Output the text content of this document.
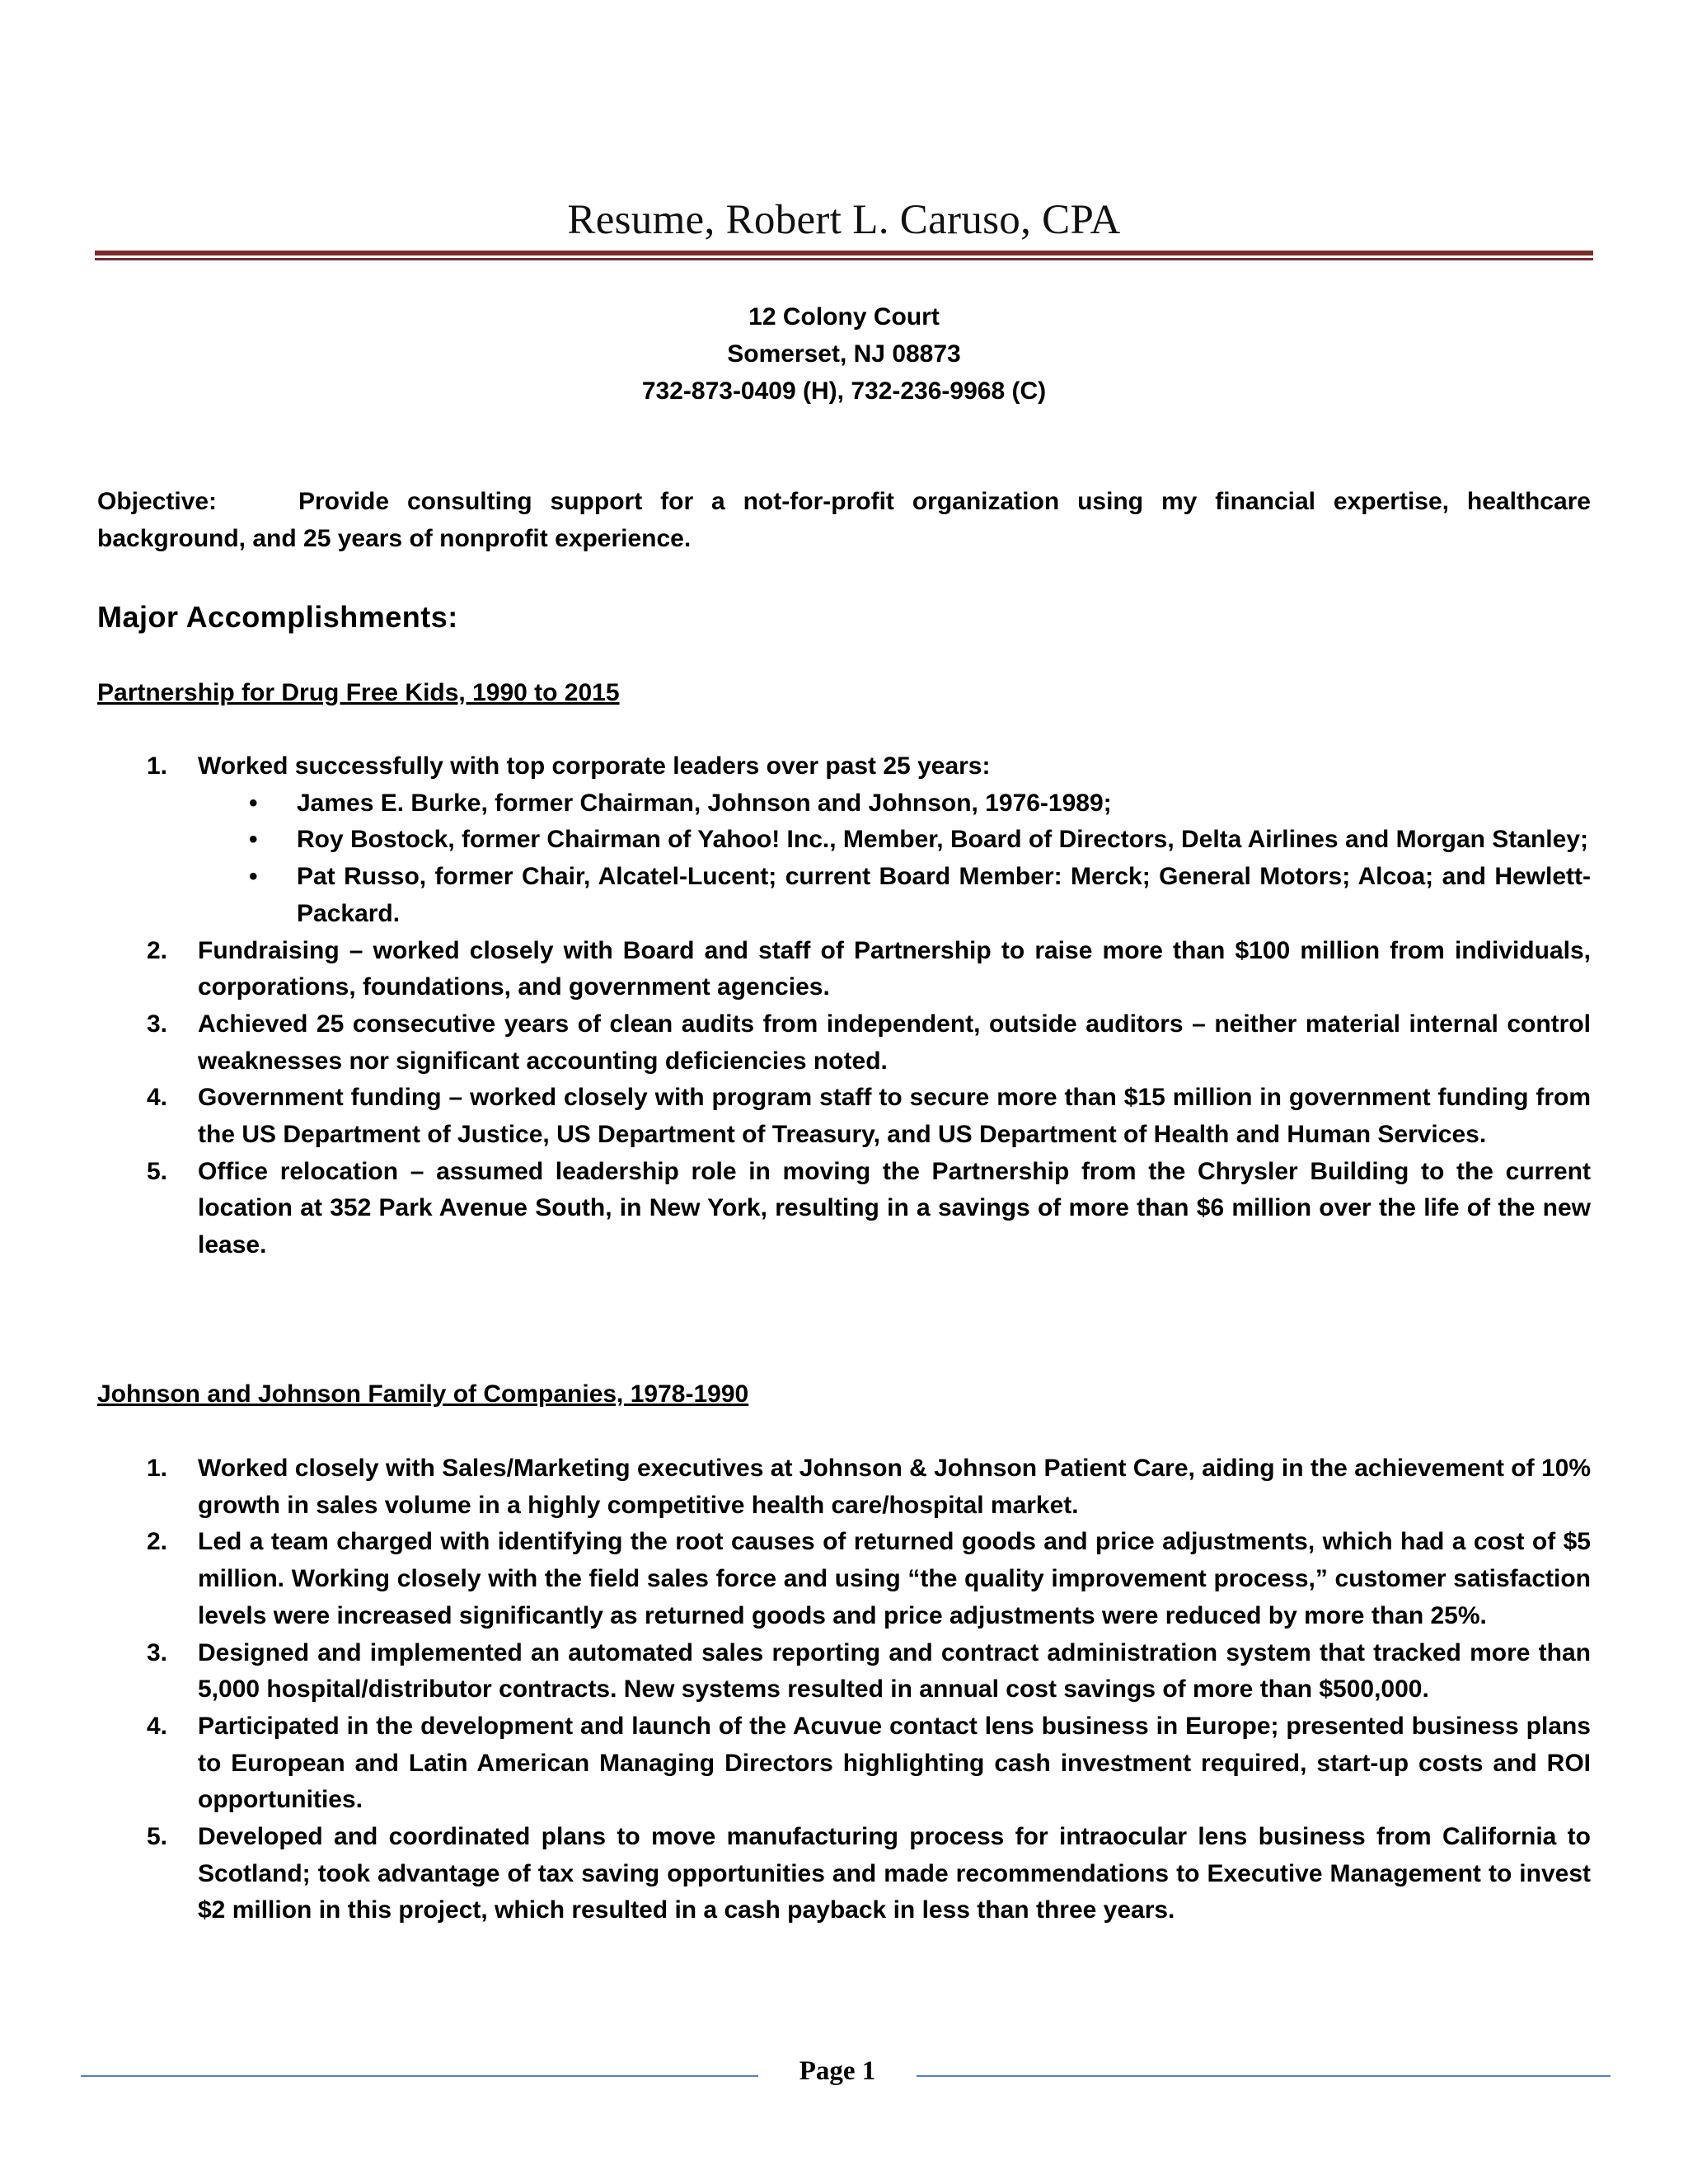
Resume, Robert L. Caruso, CPA
12 Colony Court
Somerset, NJ 08873
732-873-0409 (H), 732-236-9968 (C)
Objective:	Provide consulting support for a not-for-profit organization using my financial expertise, healthcare background, and 25 years of nonprofit experience.
Major Accomplishments:
Partnership for Drug Free Kids, 1990 to 2015
1. Worked successfully with top corporate leaders over past 25 years:
• James E. Burke, former Chairman, Johnson and Johnson, 1976-1989;
• Roy Bostock, former Chairman of Yahoo! Inc., Member, Board of Directors, Delta Airlines and Morgan Stanley;
• Pat Russo, former Chair, Alcatel-Lucent; current Board Member: Merck; General Motors; Alcoa; and Hewlett-Packard.
2. Fundraising – worked closely with Board and staff of Partnership to raise more than $100 million from individuals, corporations, foundations, and government agencies.
3. Achieved 25 consecutive years of clean audits from independent, outside auditors – neither material internal control weaknesses nor significant accounting deficiencies noted.
4. Government funding – worked closely with program staff to secure more than $15 million in government funding from the US Department of Justice, US Department of Treasury, and US Department of Health and Human Services.
5. Office relocation – assumed leadership role in moving the Partnership from the Chrysler Building to the current location at 352 Park Avenue South, in New York, resulting in a savings of more than $6 million over the life of the new lease.
Johnson and Johnson Family of Companies, 1978-1990
1. Worked closely with Sales/Marketing executives at Johnson & Johnson Patient Care, aiding in the achievement of 10% growth in sales volume in a highly competitive health care/hospital market.
2. Led a team charged with identifying the root causes of returned goods and price adjustments, which had a cost of $5 million. Working closely with the field sales force and using “the quality improvement process,” customer satisfaction levels were increased significantly as returned goods and price adjustments were reduced by more than 25%.
3. Designed and implemented an automated sales reporting and contract administration system that tracked more than 5,000 hospital/distributor contracts. New systems resulted in annual cost savings of more than $500,000.
4. Participated in the development and launch of the Acuvue contact lens business in Europe; presented business plans to European and Latin American Managing Directors highlighting cash investment required, start-up costs and ROI opportunities.
5. Developed and coordinated plans to move manufacturing process for intraocular lens business from California to Scotland; took advantage of tax saving opportunities and made recommendations to Executive Management to invest $2 million in this project, which resulted in a cash payback in less than three years.
Page 1
